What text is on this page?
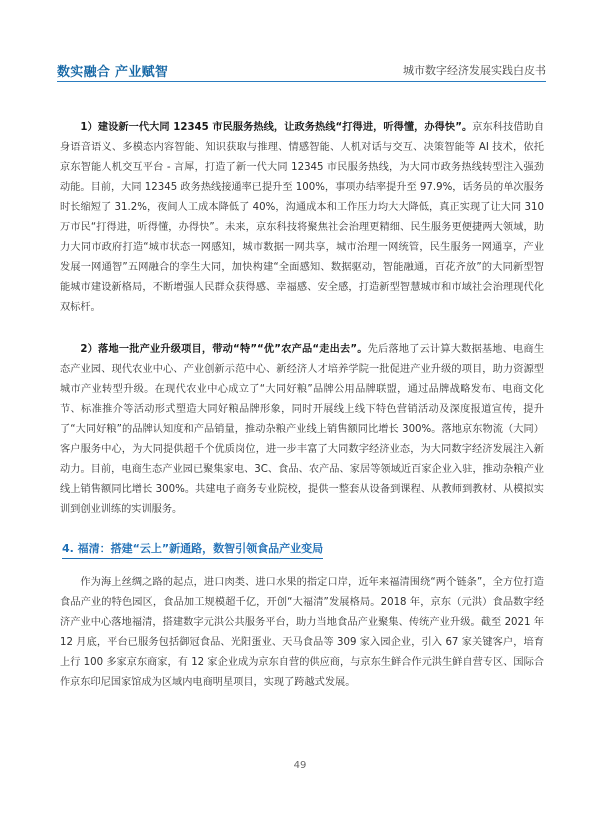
数实融合 产业赋智	城市数字经济发展实践白皮书

1）建设新一代大同 12345 市民服务热线，让政务热线“打得进，听得懂，办得快”。京东科技借助自身语音语义、多模态内容智能、知识获取与推理、情感智能、人机对话与交互、决策智能等 AI 技术，依托京东智能人机交互平台 - 言犀，打造了新一代大同 12345 市民服务热线，为大同市政务热线转型注入强劲动能。目前，大同 12345 政务热线接通率已提升至 100%，事项办结率提升至 97.9%，话务员的单次服务时长缩短了 31.2%，夜间人工成本降低了 40%，沟通成本和工作压力均大大降低，真正实现了让大同 310 万市民“打得进，听得懂，办得快”。未来，京东科技将聚焦社会治理更精细、民生服务更便捷两大领域，助力大同市政府打造“城市状态一网感知，城市数据一网共享，城市治理一网统管，民生服务一网通享，产业发展一网通智”五网融合的孪生大同，加快构建“全面感知、数据驱动，智能融通，百花齐放”的大同新型智能城市建设新格局，不断增强人民群众获得感、幸福感、安全感，打造新型智慧城市和市域社会治理现代化双标杆。

2）落地一批产业升级项目，带动“特”“优”农产品“走出去”。先后落地了云计算大数据基地、电商生态产业园、现代农业中心、产业创新示范中心、新经济人才培养学院一批促进产业升级的项目，助力资源型城市产业转型升级。在现代农业中心成立了“大同好粮”品牌公用品牌联盟，通过品牌战略发布、电商文化节、标准推介等活动形式塑造大同好粮品牌形象，同时开展线上线下特色营销活动及深度报道宣传，提升了“大同好粮”的品牌认知度和产品销量，推动杂粮产业线上销售额同比增长 300%。落地京东物流（大同）客户服务中心，为大同提供超千个优质岗位，进一步丰富了大同数字经济业态，为大同数字经济发展注入新动力。目前，电商生态产业园已聚集家电、3C、食品、农产品、家居等领域近百家企业入驻，推动杂粮产业线上销售额同比增长 300%。共建电子商务专业院校，提供一整套从设备到课程、从教师到教材、从模拟实训到创业训练的实训服务。

4. 福清：搭建“云上”新通路，数智引领食品产业变局

作为海上丝绸之路的起点，进口肉类、进口水果的指定口岸，近年来福清围绕“两个链条”，全方位打造食品产业的特色园区，食品加工规模超千亿，开创“大福清”发展格局。2018 年，京东（元洪）食品数字经济产业中心落地福清，搭建数字元洪公共服务平台，助力当地食品产业聚集、传统产业升级。截至 2021 年 12 月底，平台已服务包括御冠食品、光阳蛋业、天马食品等 309 家入园企业，引入 67 家关键客户，培育上行 100 多家京东商家，有 12 家企业成为京东自营的供应商，与京东生鲜合作元洪生鲜自营专区、国际合作京东印尼国家馆成为区域内电商明星项目，实现了跨越式发展。

49
